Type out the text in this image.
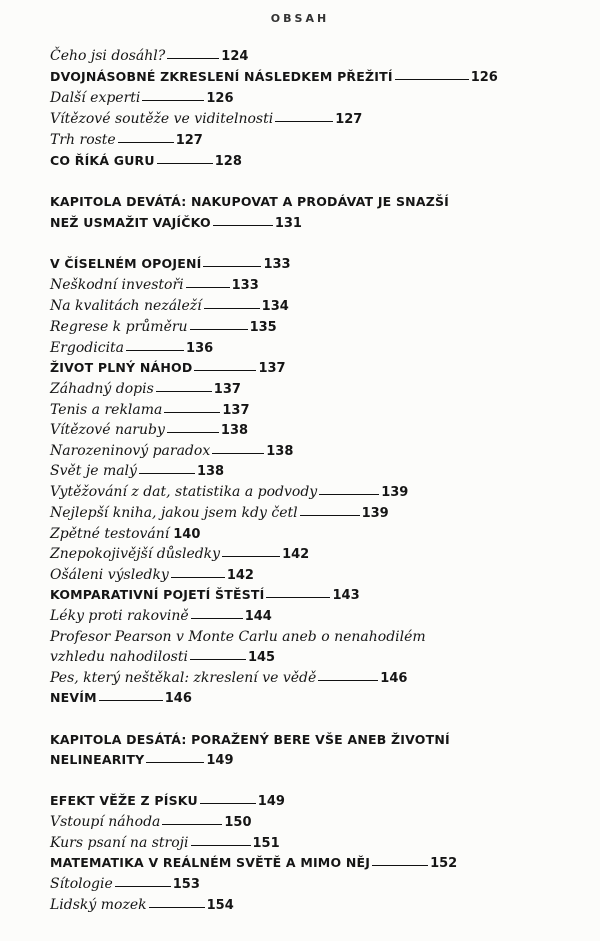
OBSAH
Čeho jsi dosáhl?	124
DVOJNÁSOBNÉ ZKRESLENÍ NÁSLEDKEM PŘEŽITÍ	126
Další experti	126
Vítězové soutěže ve viditelnosti	127
Trh roste	127
CO ŘÍKÁ GURU	128
KAPITOLA DEVÁTÁ: NAKUPOVAT A PRODÁVAT JE SNAZŠÍ
NEŽ USMAŽIT VAJÍČKO	131
V ČÍSELNÉM OPOJENÍ	133
Neškodní investoři	133
Na kvalitách nezáleží	134
Regrese k průměru	135
Ergodicita	136
ŽIVOT PLNÝ NÁHOD	137
Záhadný dopis	137
Tenis a reklama	137
Vítězové naruby	138
Narozeninový paradox	138
Svět je malý	138
Vytěžování z dat, statistika a podvody	139
Nejlepší kniha, jakou jsem kdy četl	139
Zpětné testování 140
Znepokojivější důsledky	142
Ošáleni výsledky	142
KOMPARATIVNÍ POJETÍ ŠTĚSTÍ	143
Léky proti rakovině	144
Profesor Pearson v Monte Carlu aneb o nenahodilém
vzhledu nahodilosti	145
Pes, který neštěkal: zkreslení ve vědě	146
NEVÍM	146
KAPITOLA DESÁTÁ: PORAŽENÝ BERE VŠE ANEB ŽIVOTNÍ
NELINEARITY	149
EFEKT VĚŽE Z PÍSKU	149
Vstoupí náhoda	150
Kurs psaní na stroji	151
MATEMATIKA V REÁLNÉM SVĚTĚ A MIMO NĚJ	152
Sítologie	153
Lidský mozek	154
